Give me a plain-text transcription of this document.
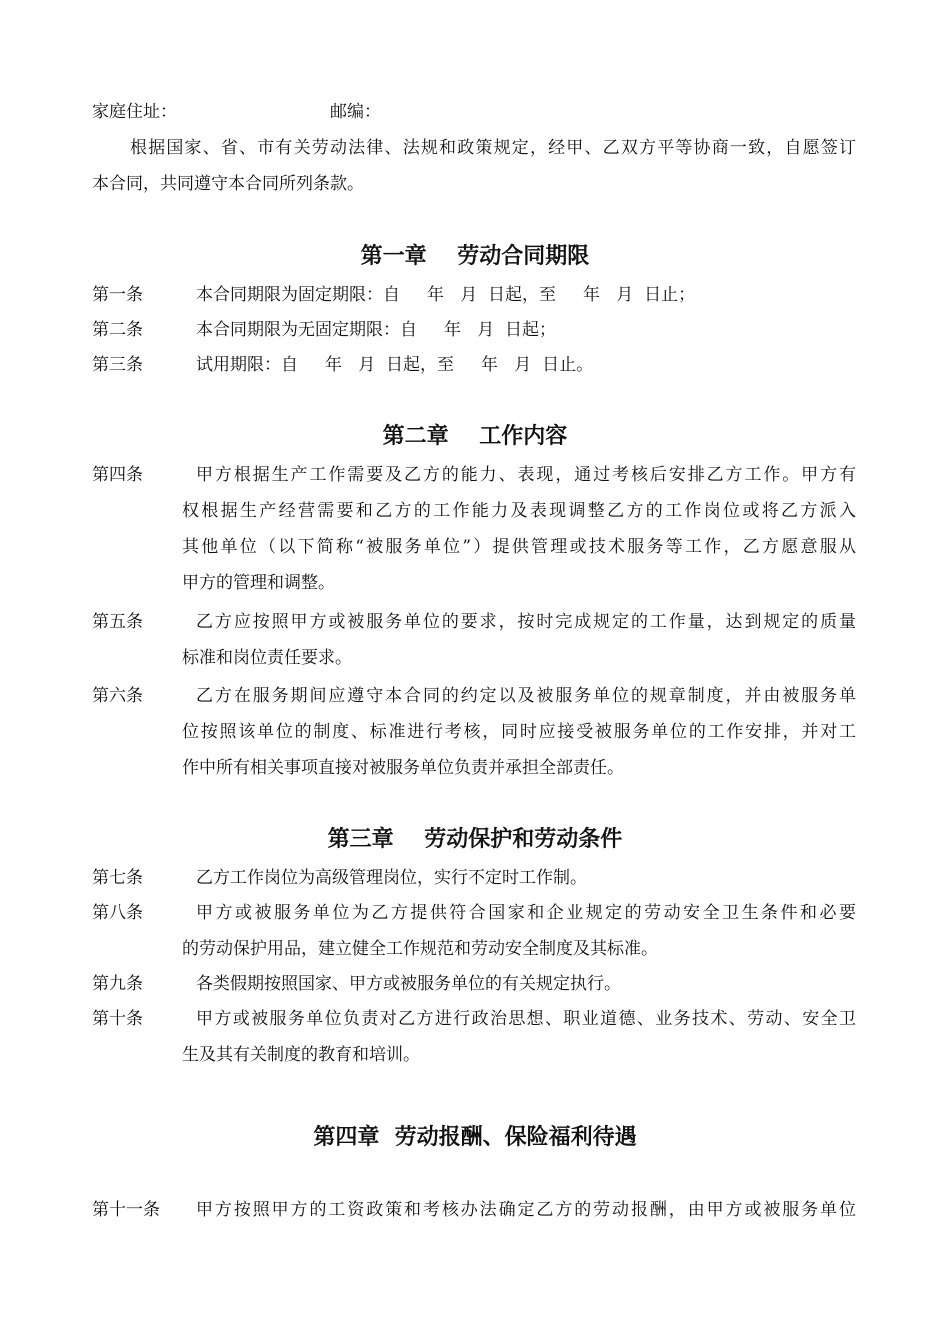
家庭住址：	邮编：
根据国家、省、市有关劳动法律、法规和政策规定，经甲、乙双方平等协商一致，自愿签订
本合同，共同遵守本合同所列条款。
第一章    劳动合同期限
第一条	本合同期限为固定期限：自     年   月  日起，至     年   月  日止；
第二条	本合同期限为无固定期限：自     年   月  日起；
第三条	试用期限：自     年   月  日起，至     年   月  日止。
第二章    工作内容
第四条	甲方根据生产工作需要及乙方的能力、表现，通过考核后安排乙方工作。甲方有
权根据生产经营需要和乙方的工作能力及表现调整乙方的工作岗位或将乙方派入
其他单位（以下简称“被服务单位”）提供管理或技术服务等工作，乙方愿意服从
甲方的管理和调整。
第五条	乙方应按照甲方或被服务单位的要求，按时完成规定的工作量，达到规定的质量
标准和岗位责任要求。
第六条	乙方在服务期间应遵守本合同的约定以及被服务单位的规章制度，并由被服务单
位按照该单位的制度、标准进行考核，同时应接受被服务单位的工作安排，并对工
作中所有相关事项直接对被服务单位负责并承担全部责任。
第三章    劳动保护和劳动条件
第七条	乙方工作岗位为高级管理岗位，实行不定时工作制。
第八条	甲方或被服务单位为乙方提供符合国家和企业规定的劳动安全卫生条件和必要
的劳动保护用品，建立健全工作规范和劳动安全制度及其标准。
第九条	各类假期按照国家、甲方或被服务单位的有关规定执行。
第十条	甲方或被服务单位负责对乙方进行政治思想、职业道德、业务技术、劳动、安全卫
生及其有关制度的教育和培训。
第四章  劳动报酬、保险福利待遇
第十一条 甲方按照甲方的工资政策和考核办法确定乙方的劳动报酬，由甲方或被服务单位
